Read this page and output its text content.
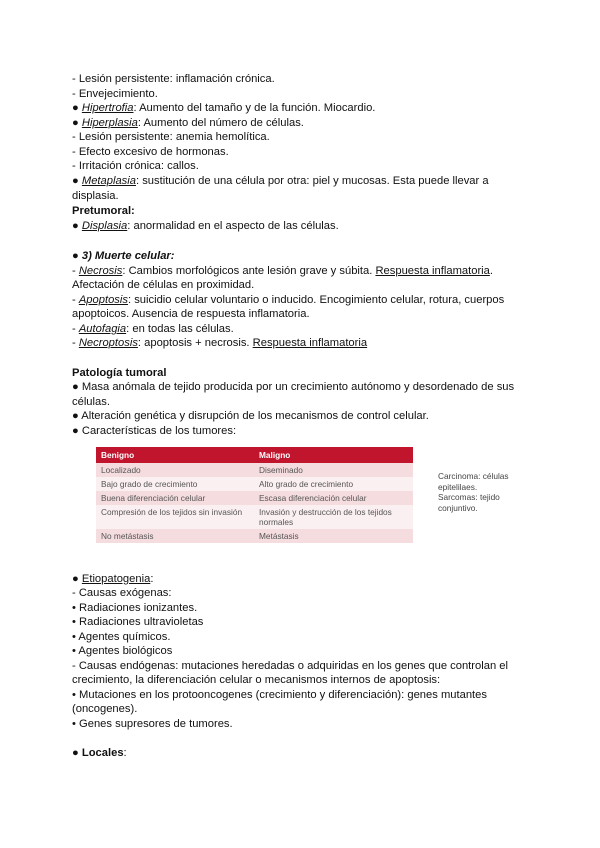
- Lesión persistente: inflamación crónica.
- Envejecimiento.
● Hipertrofia: Aumento del tamaño y de la función. Miocardio.
● Hiperplasia: Aumento del número de células.
- Lesión persistente: anemia hemolítica.
- Efecto excesivo de hormonas.
- Irritación crónica: callos.
● Metaplasia: sustitución de una célula por otra: piel y mucosas. Esta puede llevar a
displasia.
Pretumoral:
● Displasia: anormalidad en el aspecto de las células.
● 3) Muerte celular:
- Necrosis: Cambios morfológicos ante lesión grave y súbita. Respuesta inflamatoria.
Afectación de células en proximidad.
- Apoptosis: suicidio celular voluntario o inducido. Encogimiento celular, rotura, cuerpos
apoptoicos. Ausencia de respuesta inflamatoria.
- Autofagia: en todas las células.
- Necroptosis: apoptosis + necrosis. Respuesta inflamatoria
Patología tumoral
● Masa anómala de tejido producida por un crecimiento autónomo y desordenado de sus
células.
● Alteración genética y disrupción de los mecanismos de control celular.
● Características de los tumores:
Benigno	Maligno
Localizado	Diseminado
Bajo grado de crecimiento	Alto grado de crecimiento
Buena diferenciación celular	Escasa diferenciación celular
Compresión de los tejidos sin invasión	Invasión y destrucción de los tejidos normales
No metástasis	Metástasis
Carcinoma: células
epitelilaes.
Sarcomas: tejido
conjuntivo.
● Etiopatogenia:
- Causas exógenas:
• Radiaciones ionizantes.
• Radiaciones ultravioletas
• Agentes químicos.
• Agentes biológicos
- Causas endógenas: mutaciones heredadas o adquiridas en los genes que controlan el
crecimiento, la diferenciación celular o mecanismos internos de apoptosis:
• Mutaciones en los protooncogenes (crecimiento y diferenciación): genes mutantes
(oncogenes).
• Genes supresores de tumores.
● Locales:
